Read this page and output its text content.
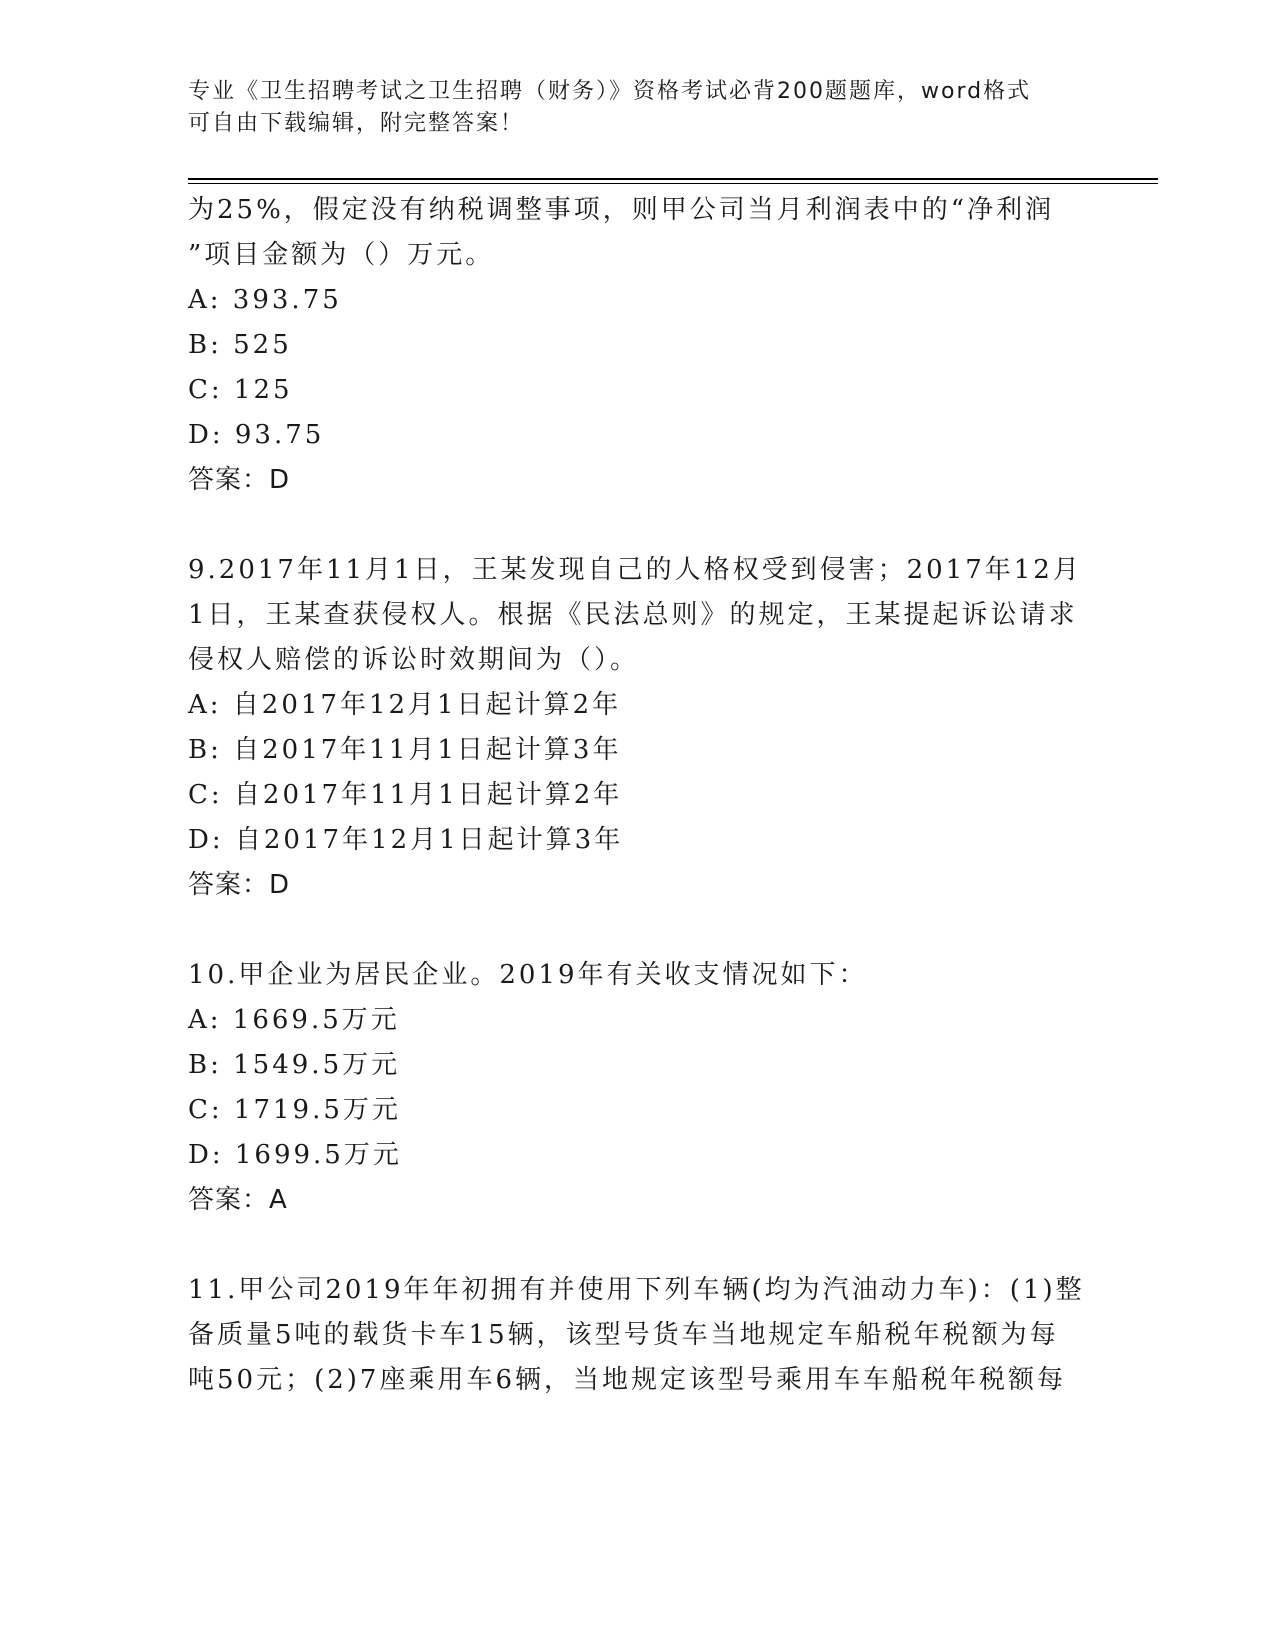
专业《卫生招聘考试之卫生招聘（财务）》资格考试必背200题题库，word格式
可自由下载编辑，附完整答案！
为25%，假定没有纳税调整事项，则甲公司当月利润表中的“净利润
”项目金额为（）万元。
A: 393.75
B: 525
C: 125
D: 93.75
答案：D
9.2017年11月1日，王某发现自己的人格权受到侵害；2017年12月
1日，王某查获侵权人。根据《民法总则》的规定，王某提起诉讼请求
侵权人赔偿的诉讼时效期间为（）。
A: 自2017年12月1日起计算2年
B: 自2017年11月1日起计算3年
C: 自2017年11月1日起计算2年
D: 自2017年12月1日起计算3年
答案：D
10.甲企业为居民企业。2019年有关收支情况如下：
A: 1669.5万元
B: 1549.5万元
C: 1719.5万元
D: 1699.5万元
答案：A
11.甲公司2019年年初拥有并使用下列车辆(均为汽油动力车)：(1)整
备质量5吨的载货卡车15辆，该型号货车当地规定车船税年税额为每
吨50元；(2)7座乘用车6辆，当地规定该型号乘用车车船税年税额每
